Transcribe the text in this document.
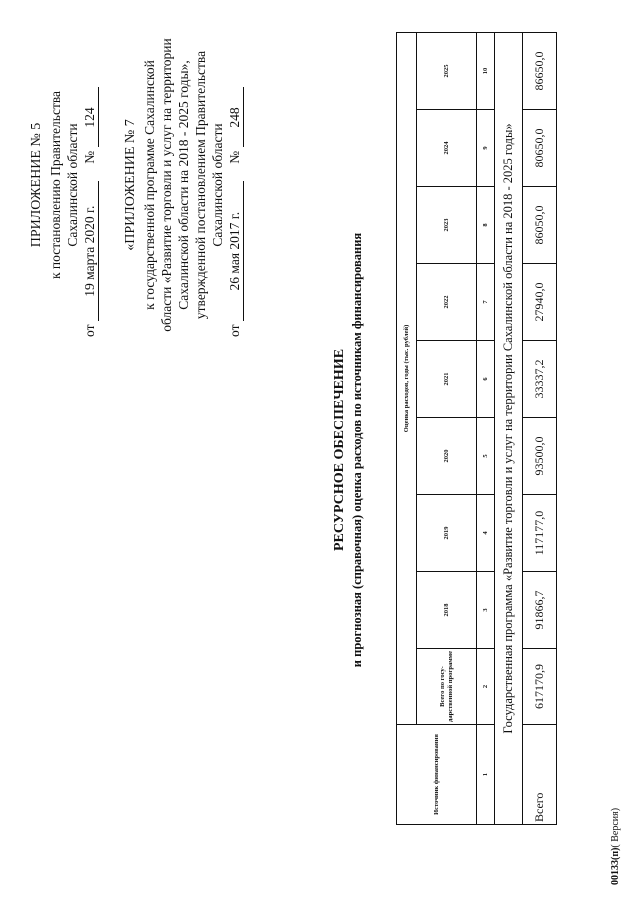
ПРИЛОЖЕНИЕ № 5 к постановлению Правительства Сахалинской области
от 19 марта 2020 г. № 124
«ПРИЛОЖЕНИЕ № 7 к государственной программе Сахалинской области «Развитие торговли и услуг на территории Сахалинской области на 2018 - 2025 годы», утвержденной постановлением Правительства Сахалинской области
от 26 мая 2017 г. № 248
РЕСУРСНОЕ ОБЕСПЕЧЕНИЕ и прогнозная (справочная) оценка расходов по источникам финансирования
Источник финансирования	Оценка расходов, годы (тыс. рублей)								
	Всего по госу-дарственной программе	2018	2019	2020	2021	2022	2023	2024	2025
1	2	3	4	5	6	7	8	9	10
Государственная программа «Развитие торговли и услуг на территории Сахалинской области на 2018 - 2025 годы»									
Всего	617170,9	91866,7	117177,0	93500,0	33337,2	27940,0	86050,0	80650,0	86650,0
00133(п)( Версия)
